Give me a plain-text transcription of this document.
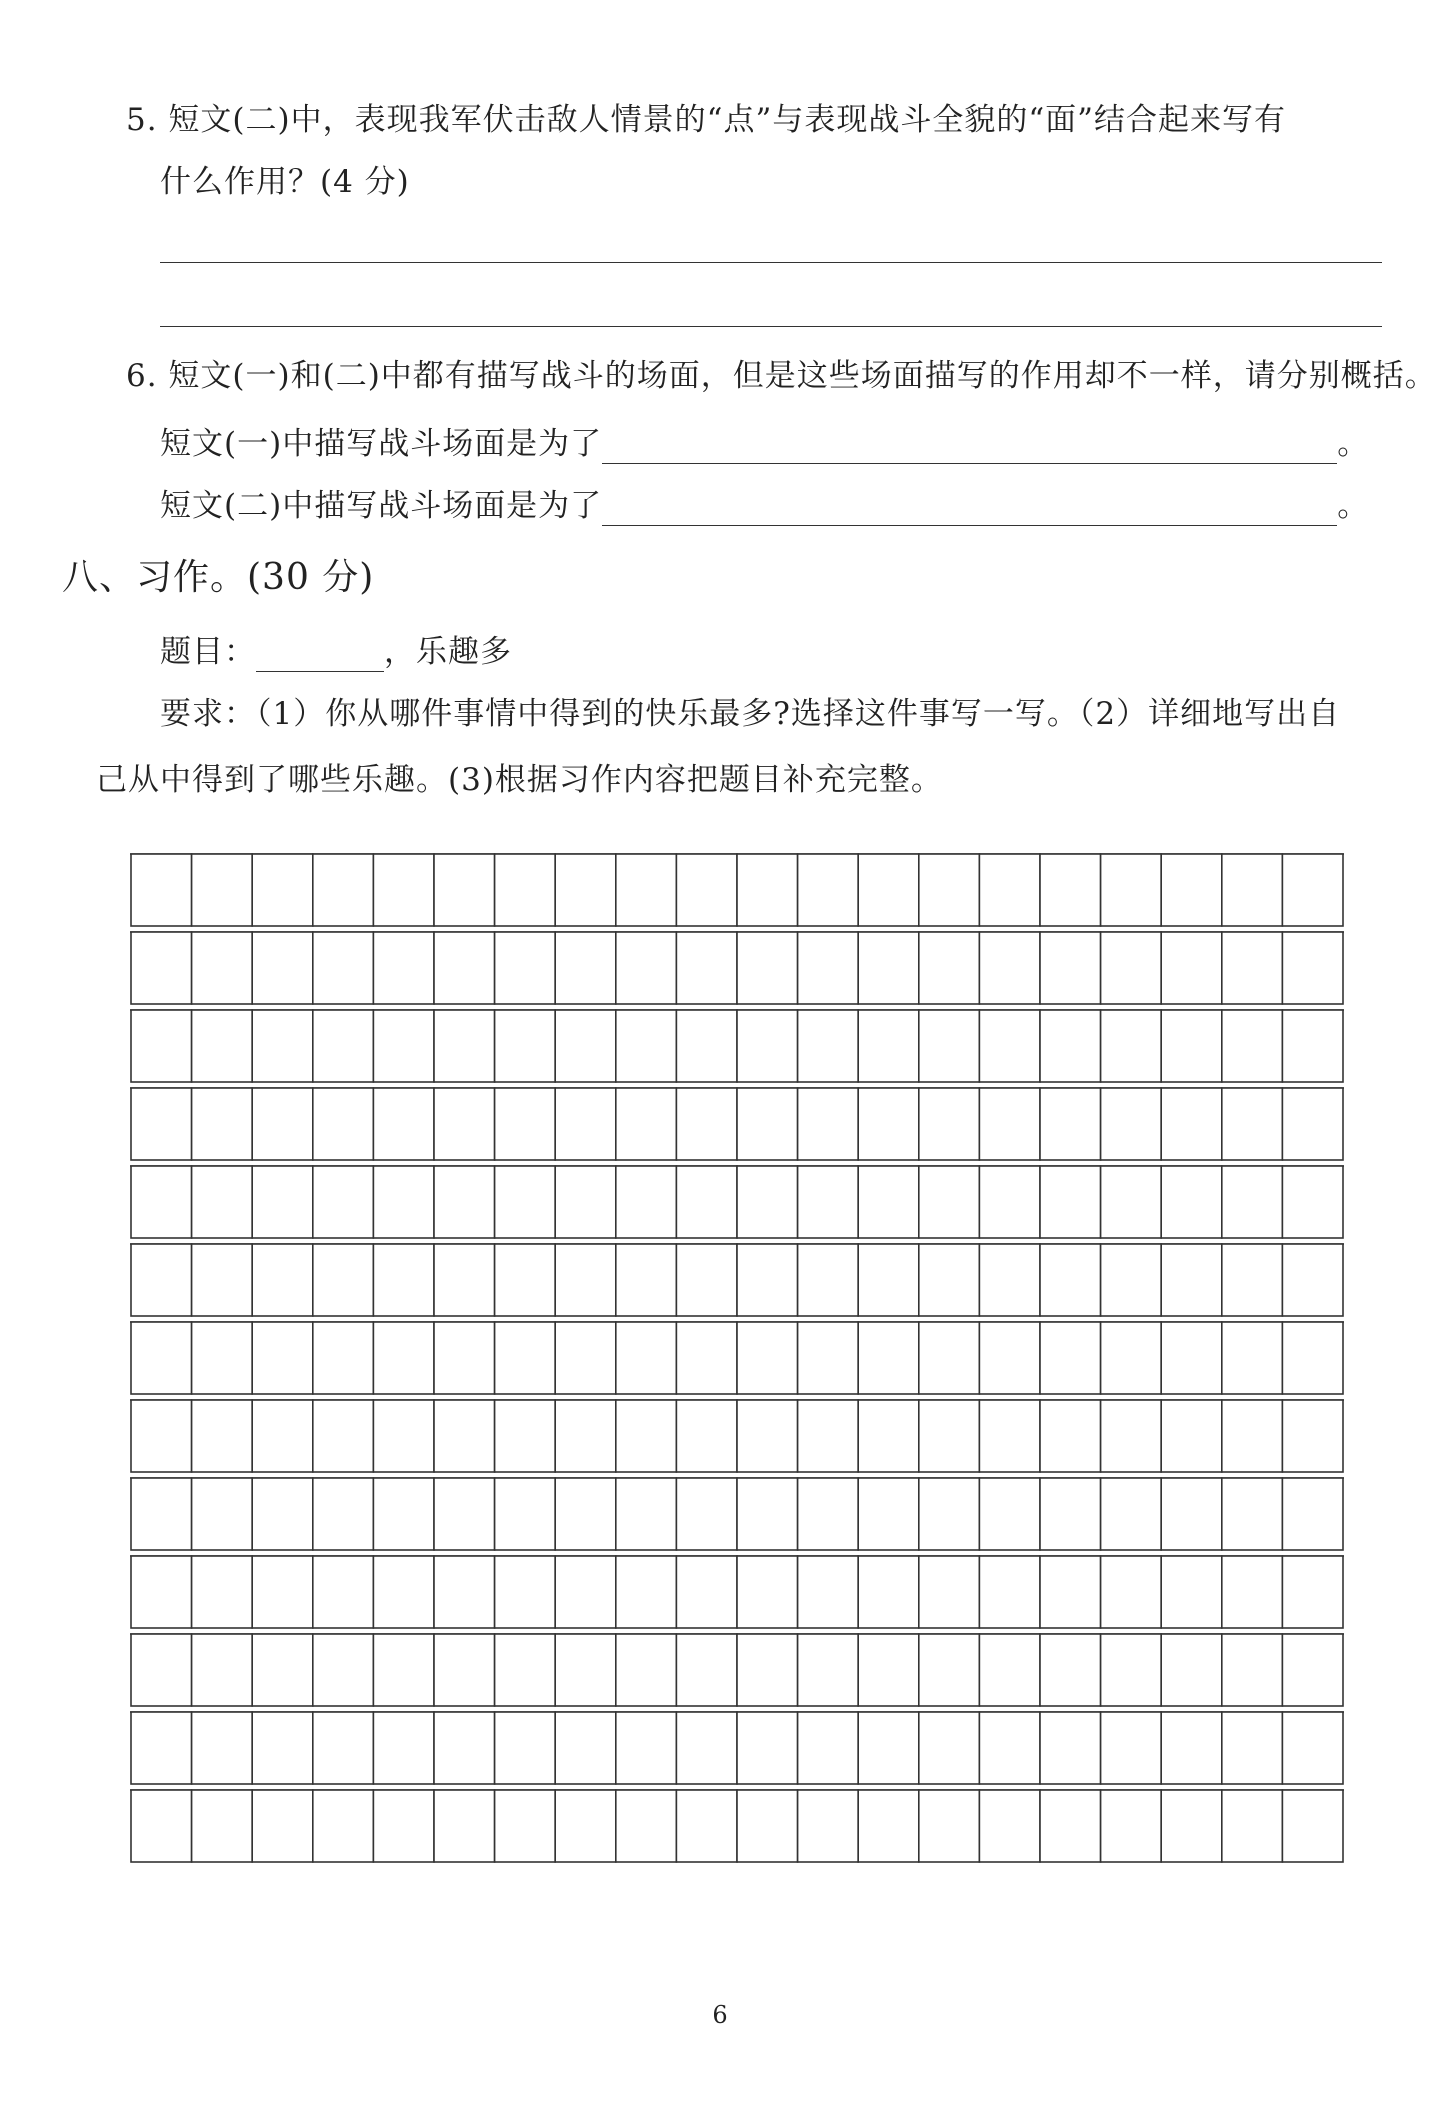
5. 短文(二)中，表现我军伏击敌人情景的“点”与表现战斗全貌的“面”结合起来写有
什么作用？(4 分)
6. 短文(一)和(二)中都有描写战斗的场面，但是这些场面描写的作用却不一样，请分别概括。
短文(一)中描写战斗场面是为了	。
短文(二)中描写战斗场面是为了	。
八、习作。(30 分)
题目：	，乐趣多
要求：（1）你从哪件事情中得到的快乐最多?选择这件事写一写。（2）详细地写出自
己从中得到了哪些乐趣。(3)根据习作内容把题目补充完整。
6
